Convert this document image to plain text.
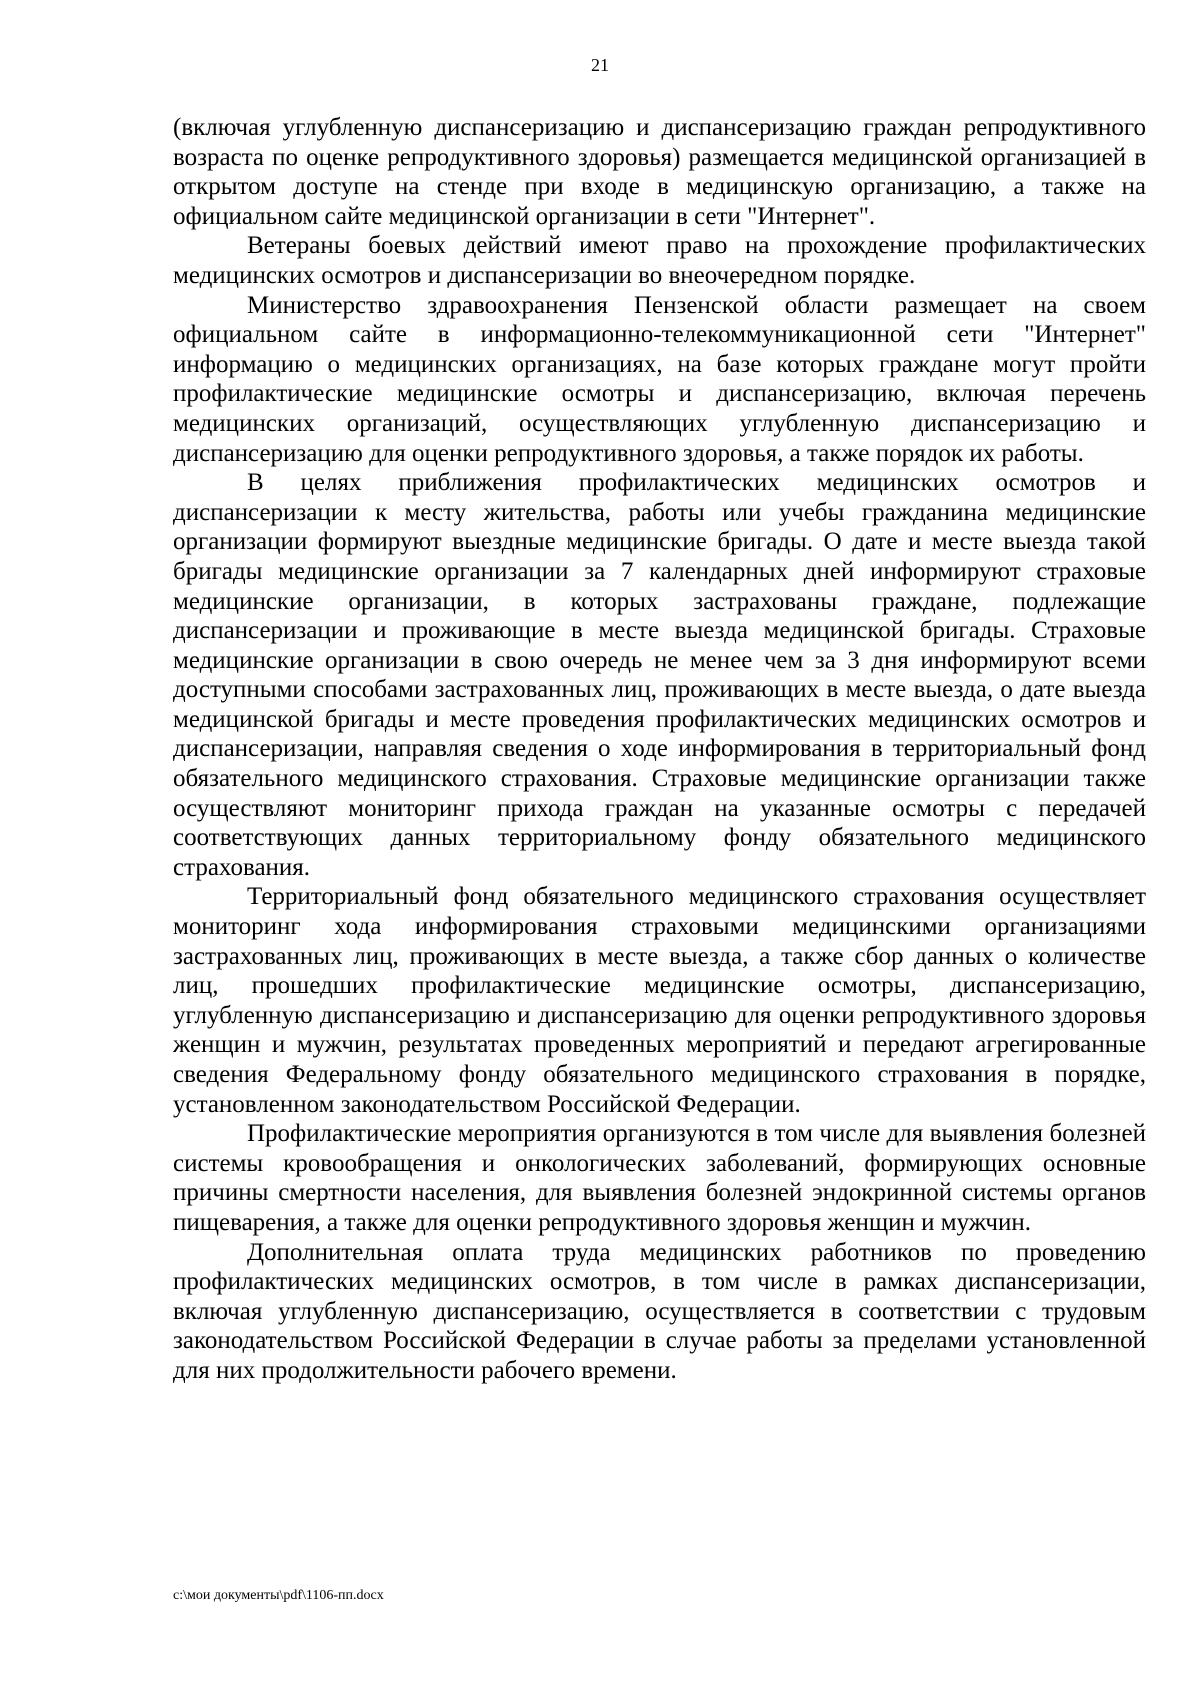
21

(включая углубленную диспансеризацию и диспансеризацию граждан репродуктивного возраста по оценке репродуктивного здоровья) размещается медицинской организацией в открытом доступе на стенде при входе в медицинскую организацию, а также на официальном сайте медицинской организации в сети "Интернет".

Ветераны боевых действий имеют право на прохождение профилактических медицинских осмотров и диспансеризации во внеочередном порядке.

Министерство здравоохранения Пензенской области размещает на своем официальном сайте в информационно-телекоммуникационной сети "Интернет" информацию о медицинских организациях, на базе которых граждане могут пройти профилактические медицинские осмотры и диспансеризацию, включая перечень медицинских организаций, осуществляющих углубленную диспансеризацию и диспансеризацию для оценки репродуктивного здоровья, а также порядок их работы.

В целях приближения профилактических медицинских осмотров и диспансеризации к месту жительства, работы или учебы гражданина медицинские организации формируют выездные медицинские бригады. О дате и месте выезда такой бригады медицинские организации за 7 календарных дней информируют страховые медицинские организации, в которых застрахованы граждане, подлежащие диспансеризации и проживающие в месте выезда медицинской бригады. Страховые медицинские организации в свою очередь не менее чем за 3 дня информируют всеми доступными способами застрахованных лиц, проживающих в месте выезда, о дате выезда медицинской бригады и месте проведения профилактических медицинских осмотров и диспансеризации, направляя сведения о ходе информирования в территориальный фонд обязательного медицинского страхования. Страховые медицинские организации также осуществляют мониторинг прихода граждан на указанные осмотры с передачей соответствующих данных территориальному фонду обязательного медицинского страхования.

Территориальный фонд обязательного медицинского страхования осуществляет мониторинг хода информирования страховыми медицинскими организациями застрахованных лиц, проживающих в месте выезда, а также сбор данных о количестве лиц, прошедших профилактические медицинские осмотры, диспансеризацию, углубленную диспансеризацию и диспансеризацию для оценки репродуктивного здоровья женщин и мужчин, результатах проведенных мероприятий и передают агрегированные сведения Федеральному фонду обязательного медицинского страхования в порядке, установленном законодательством Российской Федерации.

Профилактические мероприятия организуются в том числе для выявления болезней системы кровообращения и онкологических заболеваний, формирующих основные причины смертности населения, для выявления болезней эндокринной системы органов пищеварения, а также для оценки репродуктивного здоровья женщин и мужчин.

Дополнительная оплата труда медицинских работников по проведению профилактических медицинских осмотров, в том числе в рамках диспансеризации, включая углубленную диспансеризацию, осуществляется в соответствии с трудовым законодательством Российской Федерации в случае работы за пределами установленной для них продолжительности рабочего времени.

c:\мои документы\pdf\1106-пп.docx
